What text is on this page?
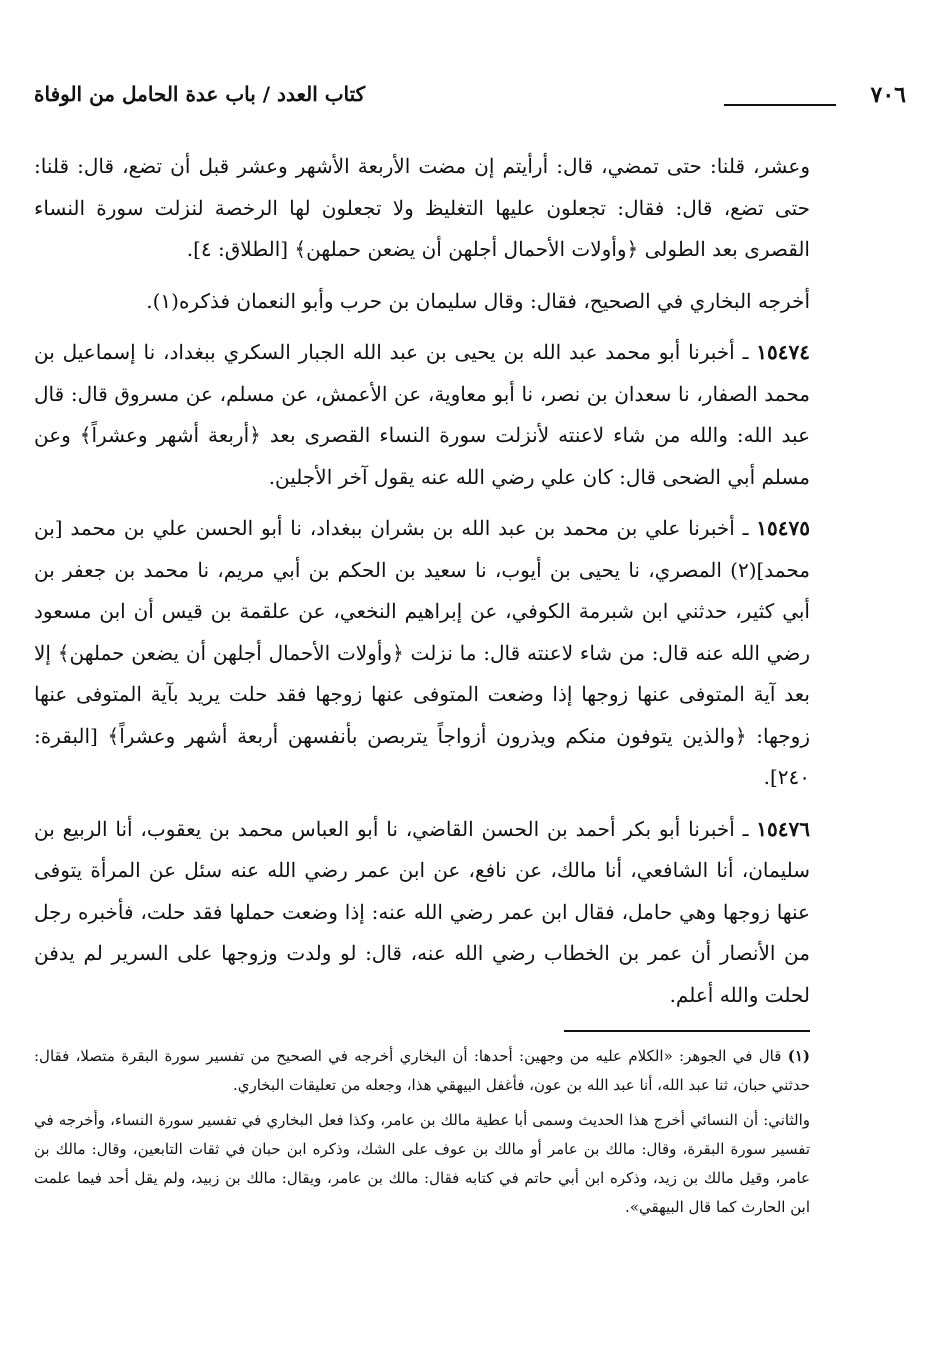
٧٠٦
كتاب العدد / باب عدة الحامل من الوفاة

وعشر، قلنا: حتى تمضي، قال: أرأيتم إن مضت الأربعة الأشهر وعشر قبل أن تضع، قال: قلنا: حتى تضع، قال: فقال: تجعلون عليها التغليظ ولا تجعلون لها الرخصة لنزلت سورة النساء القصرى بعد الطولى ﴿وأولات الأحمال أجلهن أن يضعن حملهن﴾ [الطلاق: ٤].

أخرجه البخاري في الصحيح، فقال: وقال سليمان بن حرب وأبو النعمان فذكره(١).

١٥٤٧٤ ـ أخبرنا أبو محمد عبد الله بن يحيى بن عبد الله الجبار السكري ببغداد، نا إسماعيل بن محمد الصفار، نا سعدان بن نصر، نا أبو معاوية، عن الأعمش، عن مسلم، عن مسروق قال: قال عبد الله: والله من شاء لاعنته لأنزلت سورة النساء القصرى بعد ﴿أربعة أشهر وعشراً﴾ وعن مسلم أبي الضحى قال: كان علي رضي الله عنه يقول آخر الأجلين.

١٥٤٧٥ ـ أخبرنا علي بن محمد بن عبد الله بن بشران ببغداد، نا أبو الحسن علي بن محمد [بن محمد](٢) المصري، نا يحيى بن أيوب، نا سعيد بن الحكم بن أبي مريم، نا محمد بن جعفر بن أبي كثير، حدثني ابن شبرمة الكوفي، عن إبراهيم النخعي، عن علقمة بن قيس أن ابن مسعود رضي الله عنه قال: من شاء لاعنته قال: ما نزلت ﴿وأولات الأحمال أجلهن أن يضعن حملهن﴾ إلا بعد آية المتوفى عنها زوجها إذا وضعت المتوفى عنها زوجها فقد حلت يريد بآية المتوفى عنها زوجها: ﴿والذين يتوفون منكم ويذرون أزواجاً يتربصن بأنفسهن أربعة أشهر وعشراً﴾ [البقرة: ٢٤٠].

١٥٤٧٦ ـ أخبرنا أبو بكر أحمد بن الحسن القاضي، نا أبو العباس محمد بن يعقوب، أنا الربيع بن سليمان، أنا الشافعي، أنا مالك، عن نافع، عن ابن عمر رضي الله عنه سئل عن المرأة يتوفى عنها زوجها وهي حامل، فقال ابن عمر رضي الله عنه: إذا وضعت حملها فقد حلت، فأخبره رجل من الأنصار أن عمر بن الخطاب رضي الله عنه، قال: لو ولدت وزوجها على السرير لم يدفن لحلت والله أعلم.

(١) قال في الجوهر: «الكلام عليه من وجهين: أحدها: أن البخاري أخرجه في الصحيح من تفسير سورة البقرة متصلا، فقال: حدثني حبان، ثنا عبد الله، أنا عبد الله بن عون، فأغفل البيهقي هذا، وجعله من تعليقات البخاري.

والثاني: أن النسائي أخرج هذا الحديث وسمى أبا عطية مالك بن عامر، وكذا فعل البخاري في تفسير سورة النساء، وأخرجه في تفسير سورة البقرة، وقال: مالك بن عامر أو مالك بن عوف على الشك، وذكره ابن حبان في ثقات التابعين، وقال: مالك بن عامر، وقيل مالك بن زيد، وذكره ابن أبي حاتم في كتابه فقال: مالك بن عامر، ويقال: مالك بن زبيد، ولم يقل أحد فيما علمت ابن الحارث كما قال البيهقي».
